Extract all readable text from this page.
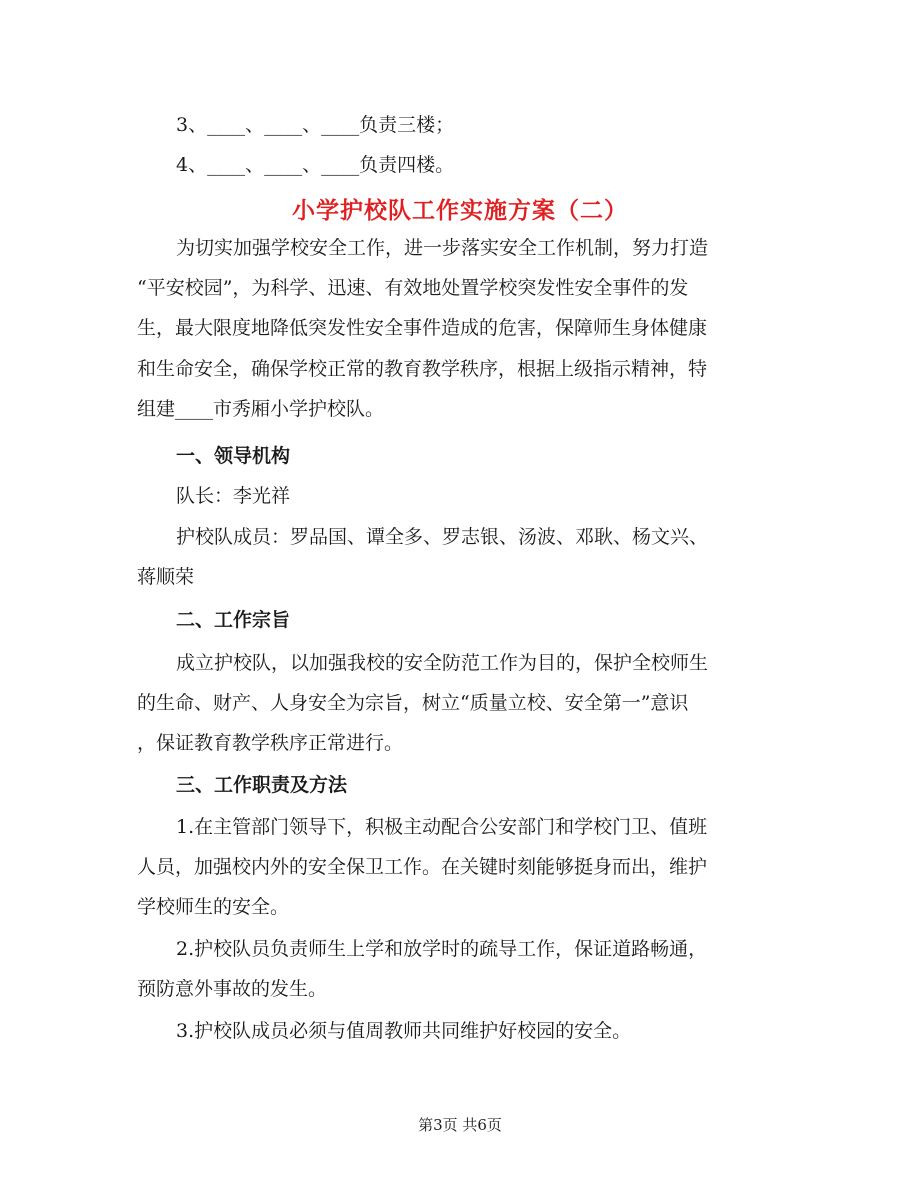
3、____、____、____负责三楼；
4、____、____、____负责四楼。
小学护校队工作实施方案（二）
为切实加强学校安全工作，进一步落实安全工作机制，努力打造
“平安校园”，为科学、迅速、有效地处置学校突发性安全事件的发
生，最大限度地降低突发性安全事件造成的危害，保障师生身体健康
和生命安全，确保学校正常的教育教学秩序，根据上级指示精神，特
组建____市秀厢小学护校队。
一、领导机构
队长：李光祥
护校队成员：罗品国、谭全多、罗志银、汤波、邓耿、杨文兴、
蒋顺荣
二、工作宗旨
成立护校队，以加强我校的安全防范工作为目的，保护全校师生
的生命、财产、人身安全为宗旨，树立“质量立校、安全第一”意识
，保证教育教学秩序正常进行。
三、工作职责及方法
1.在主管部门领导下，积极主动配合公安部门和学校门卫、值班
人员，加强校内外的安全保卫工作。在关键时刻能够挺身而出，维护
学校师生的安全。
2.护校队员负责师生上学和放学时的疏导工作，保证道路畅通，
预防意外事故的发生。
3.护校队成员必须与值周教师共同维护好校园的安全。
第3页 共6页
